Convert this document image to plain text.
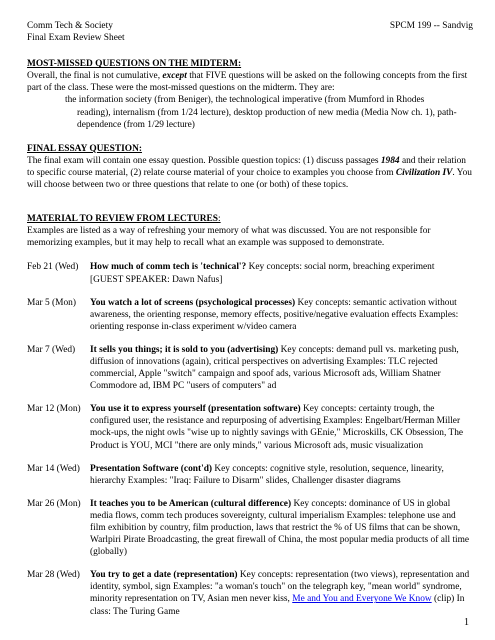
Comm Tech & Society
Final Exam Review Sheet
SPCM 199 -- Sandvig
MOST-MISSED QUESTIONS ON THE MIDTERM:

Overall, the final is not cumulative, except that FIVE questions will be asked on the following concepts from the first part of the class. These were the most-missed questions on the midterm. They are:

the information society (from Beniger), the technological imperative (from Mumford in Rhodes

reading), internalism (from 1/24 lecture), desktop production of new media (Media Now ch. 1), path-

dependence (from 1/29 lecture)

FINAL ESSAY QUESTION:

The final exam will contain one essay question. Possible question topics: (1) discuss passages 1984 and their relation to specific course material, (2) relate course material of your choice to examples you choose from Civilization IV. You will choose between two or three questions that relate to one (or both) of these topics.

MATERIAL TO REVIEW FROM LECTURES:

Examples are listed as a way of refreshing your memory of what was discussed. You are not responsible for memorizing examples, but it may help to recall what an example was supposed to demonstrate.

Feb 21 (Wed)	How much of comm tech is 'technical'? Key concepts: social norm, breaching experiment
[GUEST SPEAKER: Dawn Nafus]
Mar 5 (Mon)	You watch a lot of screens (psychological processes) Key concepts: semantic activation without awareness, the orienting response, memory effects, positive/negative evaluation effects Examples: orienting response in-class experiment w/video camera
Mar 7 (Wed)	It sells you things; it is sold to you (advertising) Key concepts: demand pull vs. marketing push, diffusion of innovations (again), critical perspectives on advertising Examples: TLC rejected commercial, Apple "switch" campaign and spoof ads, various Microsoft ads, William Shatner Commodore ad, IBM PC "users of computers" ad
Mar 12 (Mon) You use it to express yourself (presentation software) Key concepts: certainty trough, the configured user, the resistance and repurposing of advertising Examples: Engelbart/Herman Miller mock-ups, the night owls "wise up to nightly savings with GEnie," Microskills, CK Obsession, The Product is YOU, MCI "there are only minds," various Microsoft ads, music visualization
Mar 14 (Wed)	Presentation Software (cont'd) Key concepts: cognitive style, resolution, sequence, linearity, hierarchy Examples: "Iraq: Failure to Disarm" slides, Challenger disaster diagrams
Mar 26 (Mon) It teaches you to be American (cultural difference) Key concepts: dominance of US in global media flows, comm tech produces sovereignty, cultural imperialism Examples: telephone use and film exhibition by country, film production, laws that restrict the % of US films that can be shown, Warlpiri Pirate Broadcasting, the great firewall of China, the most popular media products of all time (globally)
Mar 28 (Wed)	You try to get a date (representation) Key concepts: representation (two views), representation and identity, symbol, sign Examples: "a woman's touch" on the telegraph key, "mean world" syndrome, minority representation on TV, Asian men never kiss, Me and You and Everyone We Know (clip) In class: The Turing Game
1
